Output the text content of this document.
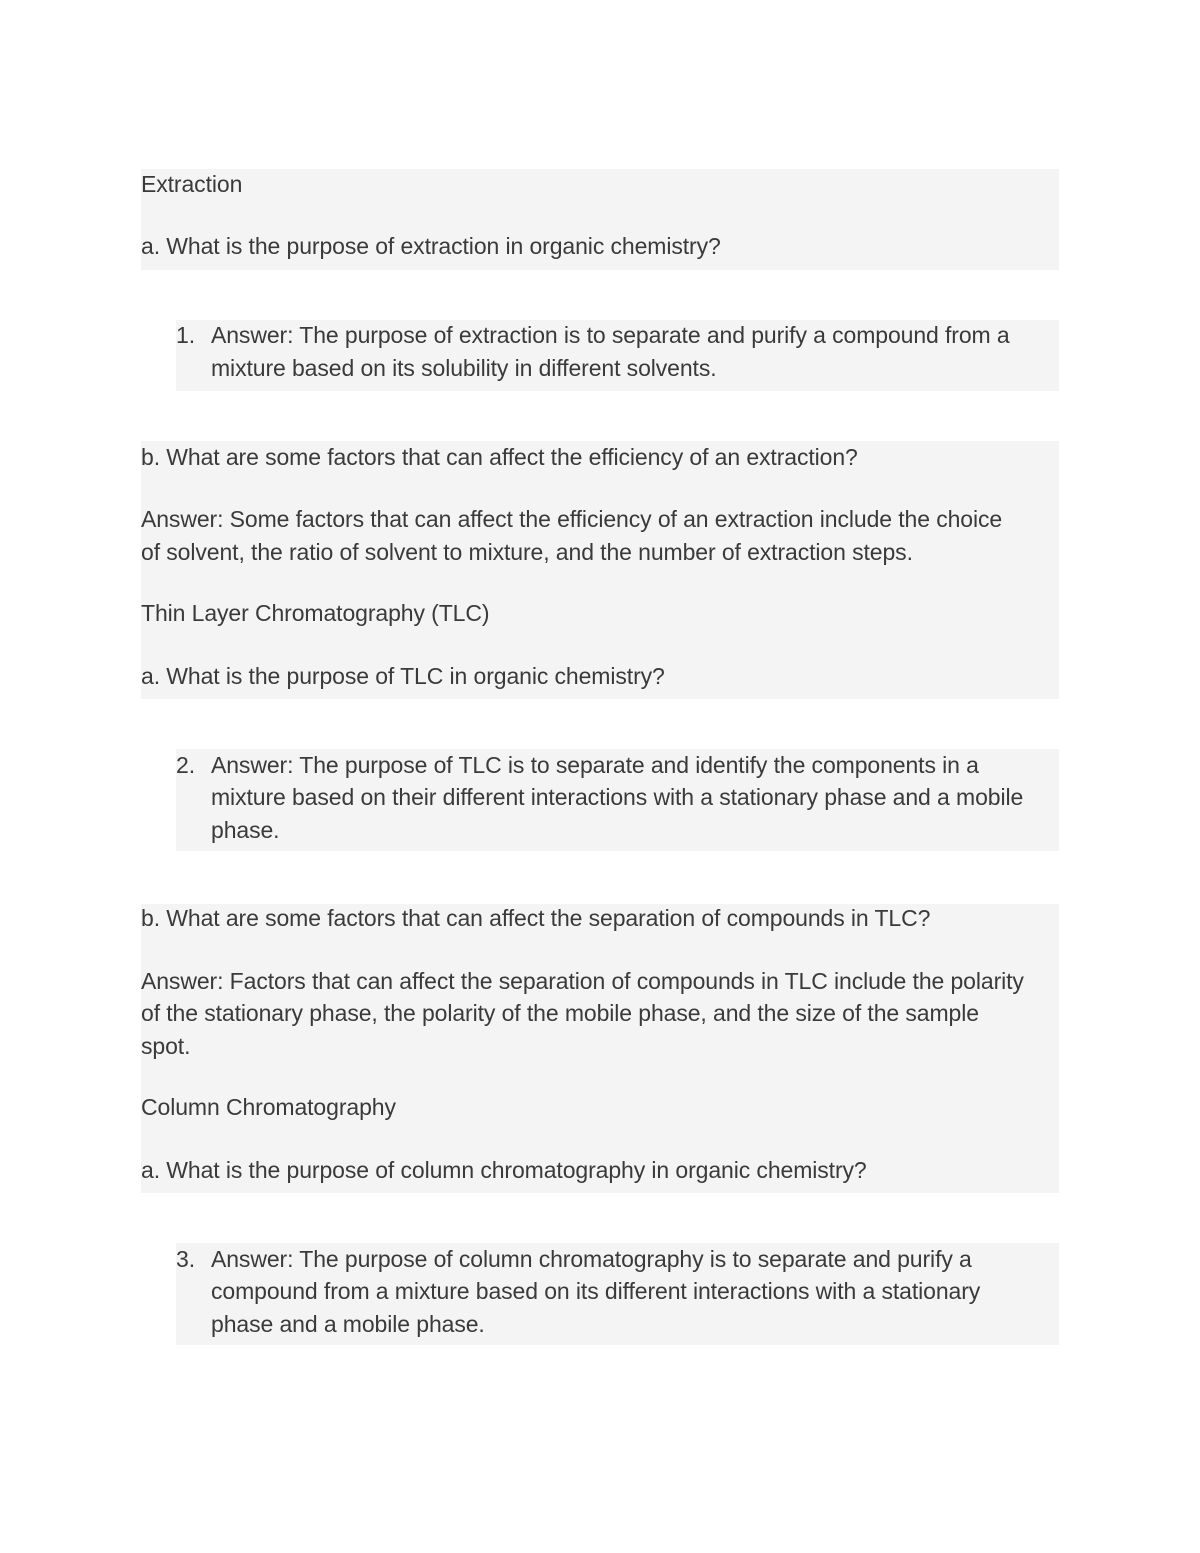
Extraction
a. What is the purpose of extraction in organic chemistry?
1. Answer: The purpose of extraction is to separate and purify a compound from a
mixture based on its solubility in different solvents.
b. What are some factors that can affect the efficiency of an extraction?
Answer: Some factors that can affect the efficiency of an extraction include the choice
of solvent, the ratio of solvent to mixture, and the number of extraction steps.
Thin Layer Chromatography (TLC)
a. What is the purpose of TLC in organic chemistry?
2. Answer: The purpose of TLC is to separate and identify the components in a
mixture based on their different interactions with a stationary phase and a mobile
phase.
b. What are some factors that can affect the separation of compounds in TLC?
Answer: Factors that can affect the separation of compounds in TLC include the polarity
of the stationary phase, the polarity of the mobile phase, and the size of the sample
spot.
Column Chromatography
a. What is the purpose of column chromatography in organic chemistry?
3. Answer: The purpose of column chromatography is to separate and purify a
compound from a mixture based on its different interactions with a stationary
phase and a mobile phase.
